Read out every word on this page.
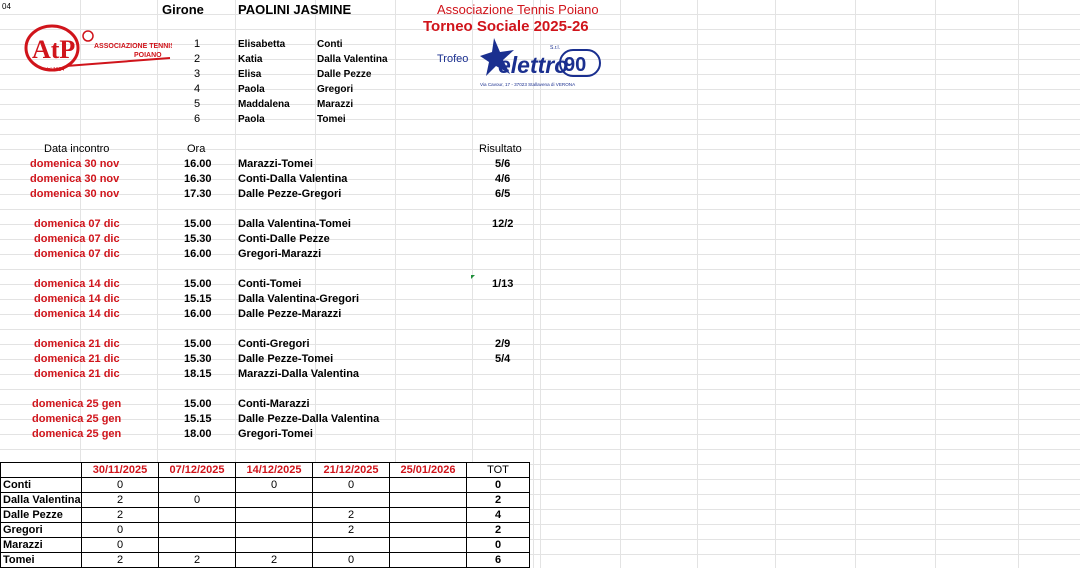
04	Girone	PAOLINI JASMINE	Associazione Tennis Poiano
Torneo Sociale 2025-26
Trofeo
AtP
dal 1984
ASSOCIAZIONE TENNIS
POIANO	elettro
90
S.r.l.
Via Cavour, 17 - 37023 Stallavena di VERONA
1	Elisabetta	Conti
2	Katia	Dalla Valentina
3	Elisa	Dalle Pezze
4	Paola	Gregori
5	Maddalena	Marazzi
6	Paola	Tomei
Data incontro	Ora	Risultato
domenica 30 nov	16.00 Marazzi-Tomei	5/6
domenica 30 nov	16.30 Conti-Dalla Valentina	4/6
domenica 30 nov	17.30 Dalle Pezze-Gregori	6/5
domenica 07 dic	15.00 Dalla Valentina-Tomei	12/2
domenica 07 dic	15.30 Conti-Dalle Pezze
domenica 07 dic	16.00 Gregori-Marazzi
domenica 14 dic	15.00 Conti-Tomei	1/13
domenica 14 dic	15.15 Dalla Valentina-Gregori
domenica 14 dic	16.00 Dalle Pezze-Marazzi
domenica 21 dic	15.00 Conti-Gregori	2/9
domenica 21 dic	15.30 Dalle Pezze-Tomei	5/4
domenica 21 dic	18.15 Marazzi-Dalla Valentina
domenica 25 gen	15.00 Conti-Marazzi
domenica 25 gen	15.15 Dalle Pezze-Dalla Valentina
domenica 25 gen	18.00 Gregori-Tomei
	30/11/2025	07/12/2025	14/12/2025	21/12/2025	25/01/2026	TOT
Conti	0		0	0		0
Dalla Valentina	2	0				2
Dalle Pezze	2			2		4
Gregori	0			2		2
Marazzi	0					0
Tomei	2	2	2	0		6
